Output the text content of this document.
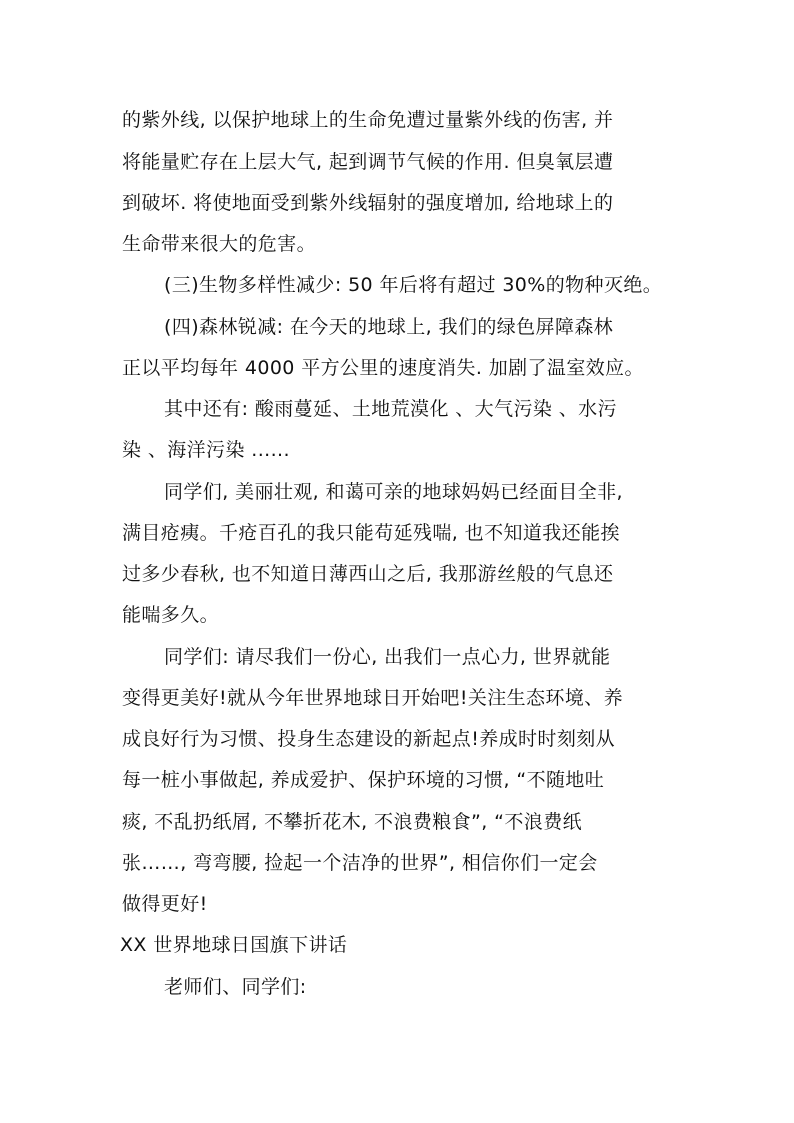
的紫外线, 以保护地球上的生命免遭过量紫外线的伤害, 并
将能量贮存在上层大气, 起到调节气候的作用. 但臭氧层遭
到破坏. 将使地面受到紫外线辐射的强度增加, 给地球上的
生命带来很大的危害。
(三)生物多样性减少: 50 年后将有超过 30%的物种灭绝。
(四)森林锐减: 在今天的地球上, 我们的绿色屏障森林
正以平均每年 4000 平方公里的速度消失. 加剧了温室效应。
其中还有: 酸雨蔓延、土地荒漠化 、大气污染 、水污
染 、海洋污染 ......
同学们, 美丽壮观, 和蔼可亲的地球妈妈已经面目全非,
满目疮痍。千疮百孔的我只能苟延残喘, 也不知道我还能挨
过多少春秋, 也不知道日薄西山之后, 我那游丝般的气息还
能喘多久。
同学们: 请尽我们一份心, 出我们一点心力, 世界就能
变得更美好!就从今年世界地球日开始吧!关注生态环境、养
成良好行为习惯、投身生态建设的新起点!养成时时刻刻从
每一桩小事做起, 养成爱护、保护环境的习惯, “不随地吐
痰, 不乱扔纸屑, 不攀折花木, 不浪费粮食”, “不浪费纸
张……, 弯弯腰, 捡起一个洁净的世界”, 相信你们一定会
做得更好!
XX 世界地球日国旗下讲话
老师们、同学们:
